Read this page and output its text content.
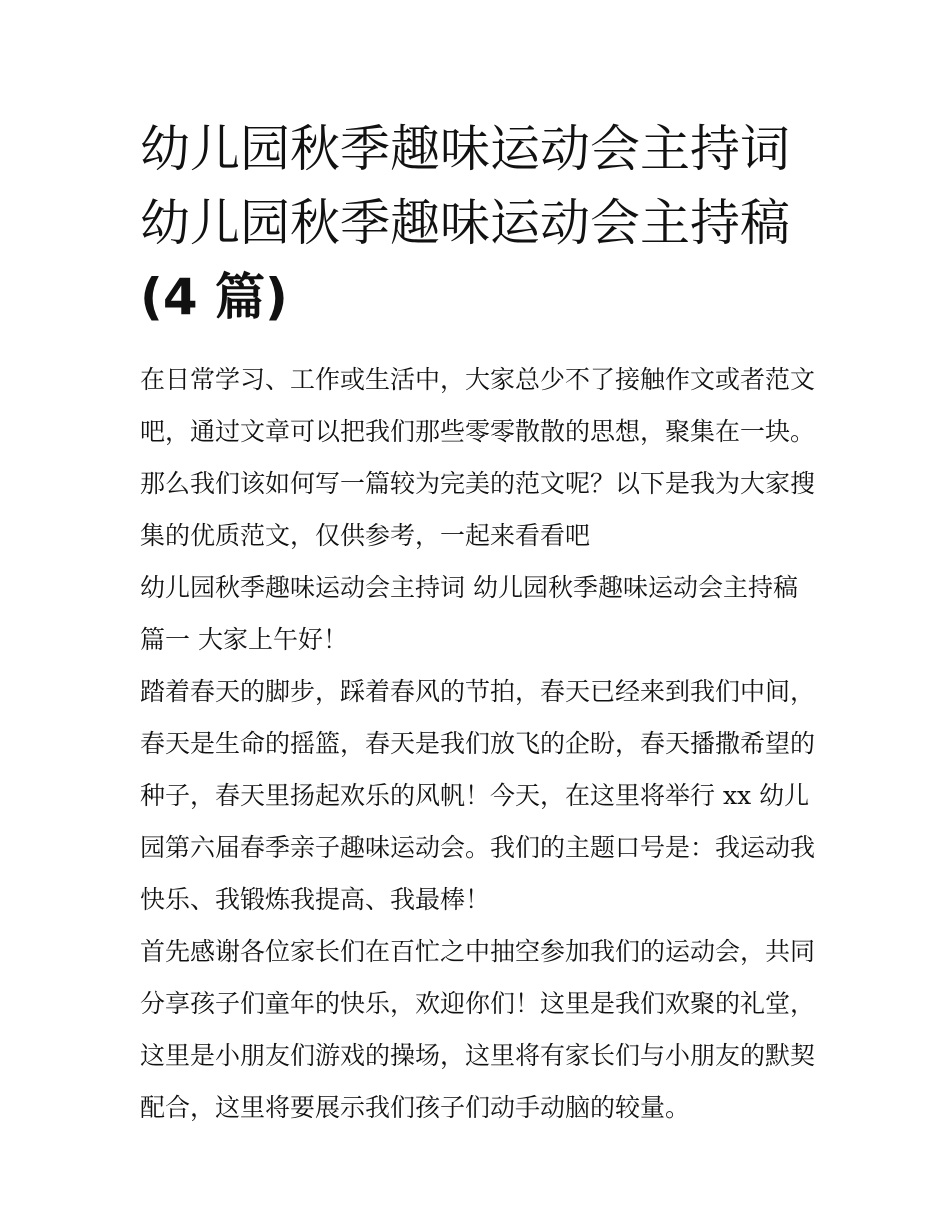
幼儿园秋季趣味运动会主持词
幼儿园秋季趣味运动会主持稿
(4 篇)
在日常学习、工作或生活中，大家总少不了接触作文或者范文
吧，通过文章可以把我们那些零零散散的思想，聚集在一块。
那么我们该如何写一篇较为完美的范文呢？以下是我为大家搜
集的优质范文，仅供参考，一起来看看吧
幼儿园秋季趣味运动会主持词 幼儿园秋季趣味运动会主持稿
篇一 大家上午好！
踏着春天的脚步，踩着春风的节拍，春天已经来到我们中间，
春天是生命的摇篮，春天是我们放飞的企盼，春天播撒希望的
种子，春天里扬起欢乐的风帆！今天，在这里将举行 xx 幼儿
园第六届春季亲子趣味运动会。我们的主题口号是：我运动我
快乐、我锻炼我提高、我最棒！
首先感谢各位家长们在百忙之中抽空参加我们的运动会，共同
分享孩子们童年的快乐，欢迎你们！这里是我们欢聚的礼堂，
这里是小朋友们游戏的操场，这里将有家长们与小朋友的默契
配合，这里将要展示我们孩子们动手动脑的较量。
